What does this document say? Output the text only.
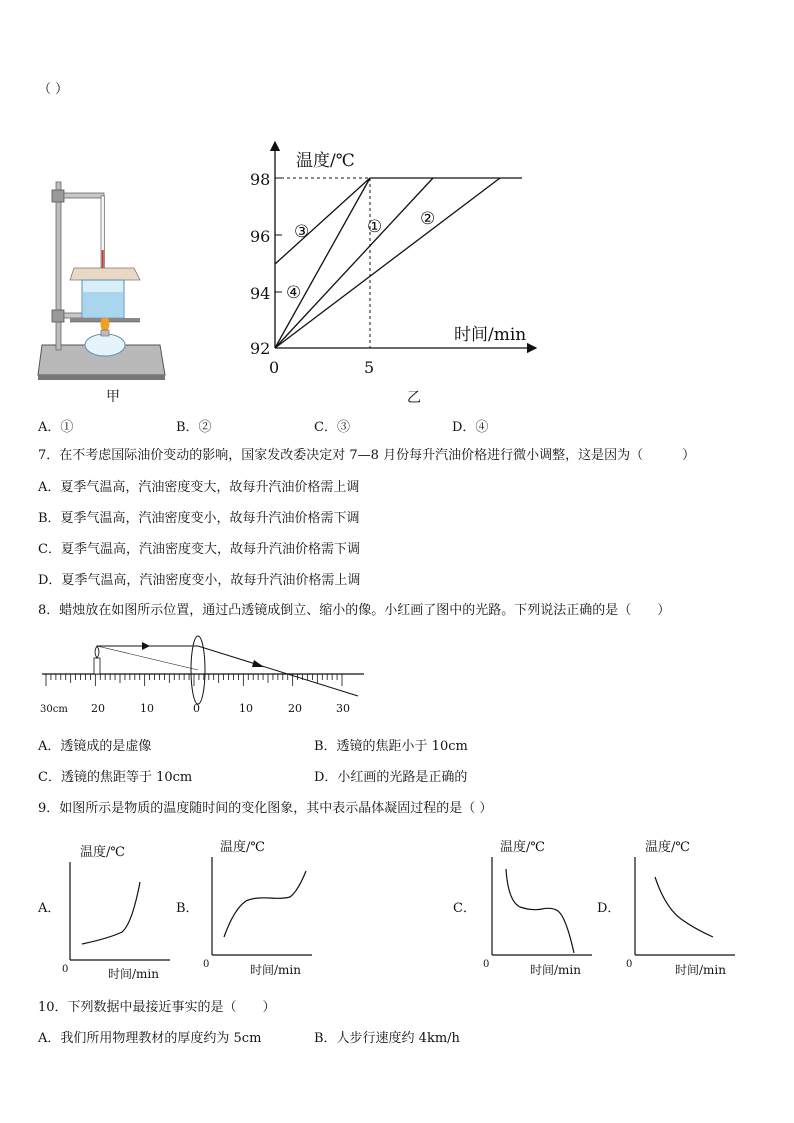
（ ）
甲
温度/℃
时间/min
98
96
94
92
0	5
① ②
③
④
乙
A．①	B．②	C．③	D．④
7．在不考虑国际油价变动的影响，国家发改委决定对 7—8 月份每升汽油价格进行微小调整，这是因为（　　　）
A．夏季气温高，汽油密度变大，故每升汽油价格需上调
B．夏季气温高，汽油密度变小，故每升汽油价格需下调
C．夏季气温高，汽油密度变大，故每升汽油价格需下调
D．夏季气温高，汽油密度变小，故每升汽油价格需上调
8．蜡烛放在如图所示位置，通过凸透镜成倒立、缩小的像。小红画了图中的光路。下列说法正确的是（　　）
30cm 20	10	0	10	20	30
A．透镜成的是虚像	B．透镜的焦距小于 10cm
C．透镜的焦距等于 10cm	D．小红画的光路是正确的
9．如图所示是物质的温度随时间的变化图象，其中表示晶体凝固过程的是（ ）
A．
温度/℃
0	时间/min
B．
温度/℃
0	时间/min
C．
温度/℃
0	时间/min
D．
温度/℃
0	时间/min
10．下列数据中最接近事实的是（　　）
A．我们所用物理教材的厚度约为 5cm	B．人步行速度约 4km/h
